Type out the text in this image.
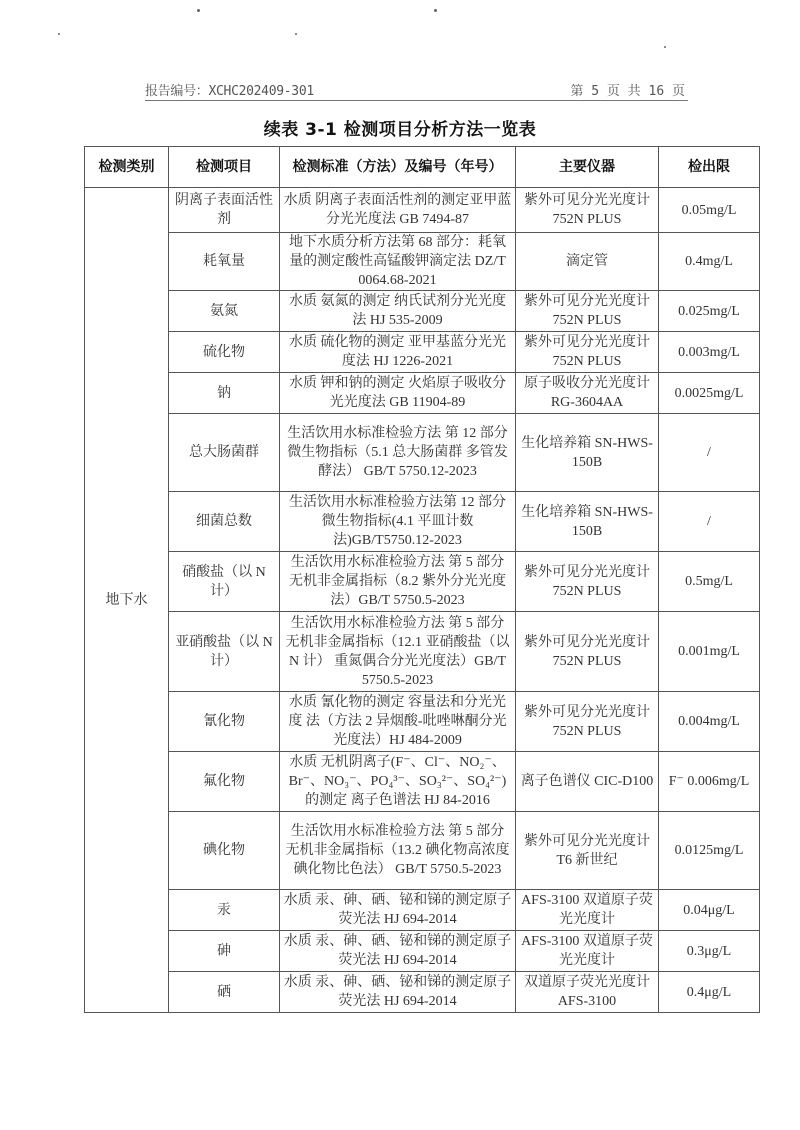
报告编号：XCHC202409-301	第 5 页 共 16 页
续表 3-1 检测项目分析方法一览表
检测类别	检测项目	检测标准（方法）及编号（年号）	主要仪器	检出限
地下水	阴离子表面活性剂	水质 阴离子表面活性剂的测定亚甲蓝分光光度法 GB 7494-87	紫外可见分光光度计 752N PLUS	0.05mg/L
	耗氧量	地下水质分析方法第 68 部分：耗氧量的测定酸性高锰酸钾滴定法 DZ/T 0064.68-2021	滴定管	0.4mg/L
	氨氮	水质 氨氮的测定 纳氏试剂分光光度法 HJ 535-2009	紫外可见分光光度计 752N PLUS	0.025mg/L
	硫化物	水质 硫化物的测定 亚甲基蓝分光光度法 HJ 1226-2021	紫外可见分光光度计 752N PLUS	0.003mg/L
	钠	水质 钾和钠的测定 火焰原子吸收分光光度法 GB 11904-89	原子吸收分光光度计 RG-3604AA	0.0025mg/L
	总大肠菌群	生活饮用水标准检验方法 第 12 部分 微生物指标（5.1 总大肠菌群 多管发酵法） GB/T 5750.12-2023	生化培养箱 SN-HWS-150B	/
	细菌总数	生活饮用水标准检验方法第 12 部分微生物指标(4.1 平皿计数法)GB/T5750.12-2023	生化培养箱 SN-HWS-150B	/
	硝酸盐（以 N 计）	生活饮用水标准检验方法 第 5 部分 无机非金属指标（8.2 紫外分光光度法）GB/T 5750.5-2023	紫外可见分光光度计 752N PLUS	0.5mg/L
	亚硝酸盐（以 N 计）	生活饮用水标准检验方法 第 5 部分 无机非金属指标（12.1 亚硝酸盐（以 N 计） 重氮偶合分光光度法）GB/T 5750.5-2023	紫外可见分光光度计 752N PLUS	0.001mg/L
	氰化物	水质 氰化物的测定 容量法和分光光度 法（方法 2 异烟酸-吡唑啉酮分光光度法）HJ 484-2009	紫外可见分光光度计 752N PLUS	0.004mg/L
	氟化物	水质 无机阴离子(F⁻、Cl⁻、NO₂⁻、Br⁻、NO₃⁻、PO₄³⁻、SO₃²⁻、SO₄²⁻)的测定 离子色谱法 HJ 84-2016	离子色谱仪 CIC-D100	F⁻ 0.006mg/L
	碘化物	生活饮用水标准检验方法 第 5 部分 无机非金属指标（13.2 碘化物高浓度碘化物比色法） GB/T 5750.5-2023	紫外可见分光光度计 T6 新世纪	0.0125mg/L
	汞	水质 汞、砷、硒、铋和锑的测定原子荧光法 HJ 694-2014	AFS-3100 双道原子荧光光度计	0.04μg/L
	砷	水质 汞、砷、硒、铋和锑的测定原子荧光法 HJ 694-2014	AFS-3100 双道原子荧光光度计	0.3μg/L
	硒	水质 汞、砷、硒、铋和锑的测定原子荧光法 HJ 694-2014	双道原子荧光光度计 AFS-3100	0.4μg/L
